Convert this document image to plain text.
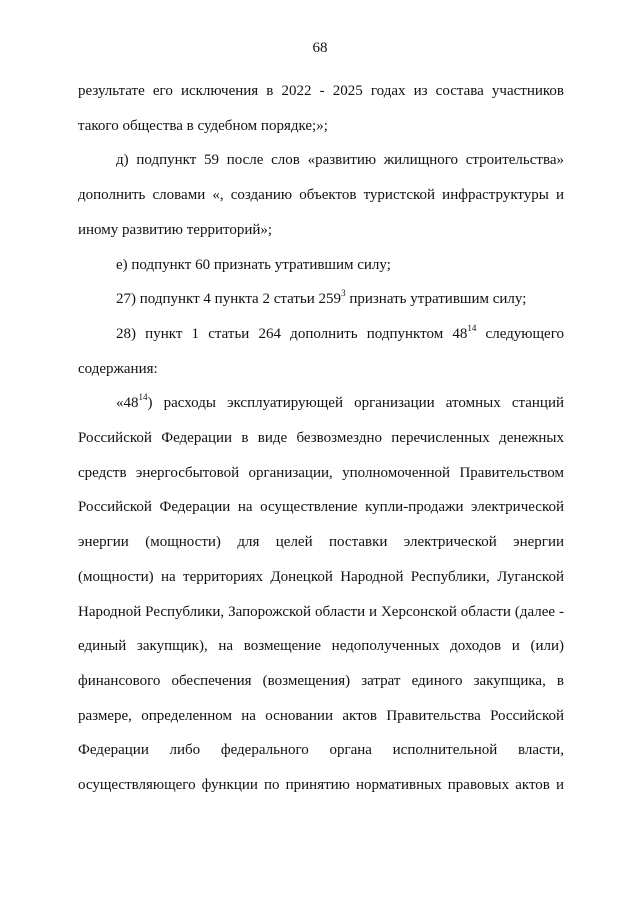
68

результате его исключения в 2022 - 2025 годах из состава участников такого общества в судебном порядке;»;

д) подпункт 59 после слов «развитию жилищного строительства» дополнить словами «, созданию объектов туристской инфраструктуры и иному развитию территорий»;

е) подпункт 60 признать утратившим силу;

27) подпункт 4 пункта 2 статьи $259^3$ признать утратившим силу;

28) пункт 1 статьи 264 дополнить подпунктом $48^{14}$ следующего содержания:

«$48^{14}$) расходы эксплуатирующей организации атомных станций Российской Федерации в виде безвозмездно перечисленных денежных средств энергосбытовой организации, уполномоченной Правительством Российской Федерации на осуществление купли-продажи электрической энергии (мощности) для целей поставки электрической энергии (мощности) на территориях Донецкой Народной Республики, Луганской Народной Республики, Запорожской области и Херсонской области (далее - единый закупщик), на возмещение недополученных доходов и (или) финансового обеспечения (возмещения) затрат единого закупщика, в размере, определенном на основании актов Правительства Российской Федерации либо федерального органа исполнительной власти, осуществляющего функции по принятию нормативных правовых актов и
